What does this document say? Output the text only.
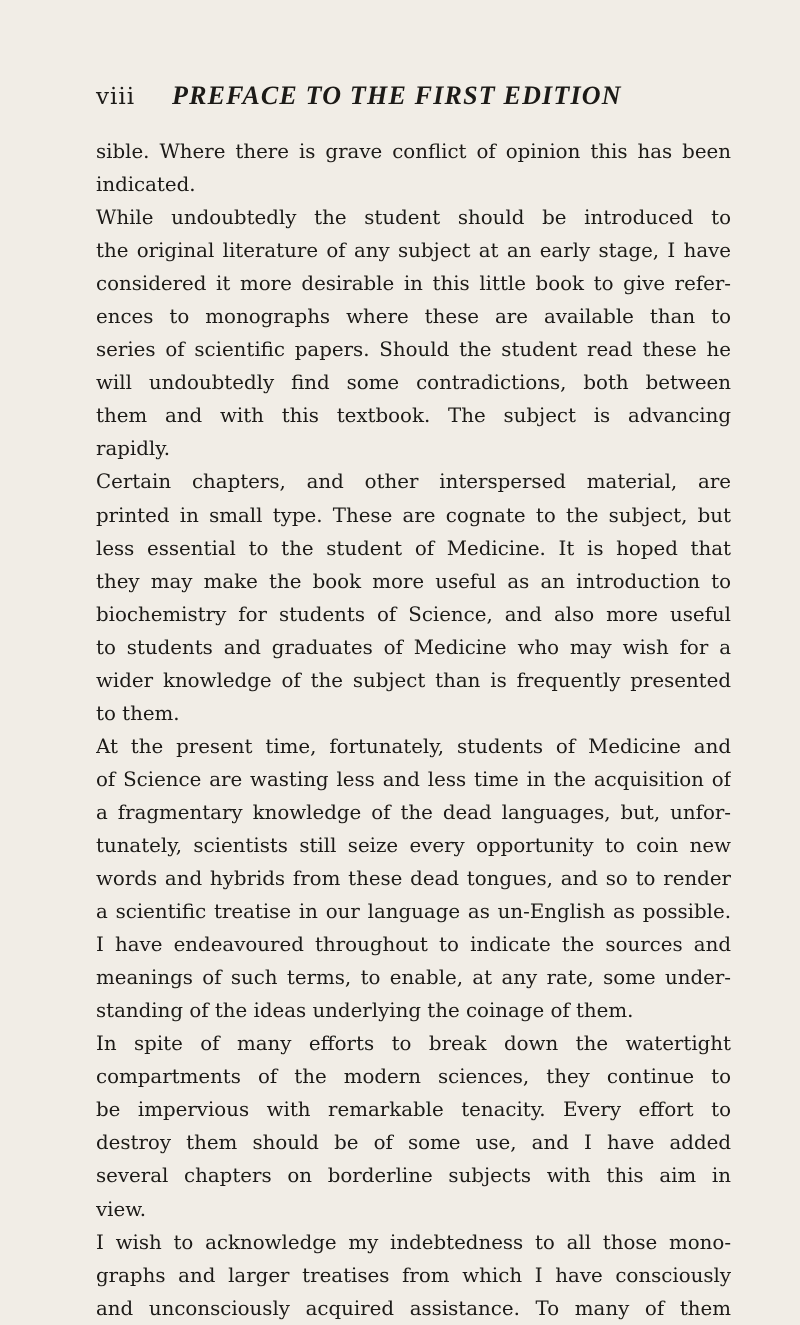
viii PREFACE TO THE FIRST EDITION
sible. Where there is grave conflict of opinion this has been
indicated.
While undoubtedly the student should be introduced to
the original literature of any subject at an early stage, I have
considered it more desirable in this little book to give refer-
ences to monographs where these are available than to
series of scientific papers. Should the student read these he
will undoubtedly find some contradictions, both between
them and with this textbook. The subject is advancing
rapidly.
Certain chapters, and other interspersed material, are
printed in small type. These are cognate to the subject, but
less essential to the student of Medicine. It is hoped that
they may make the book more useful as an introduction to
biochemistry for students of Science, and also more useful
to students and graduates of Medicine who may wish for a
wider knowledge of the subject than is frequently presented
to them.
At the present time, fortunately, students of Medicine and
of Science are wasting less and less time in the acquisition of
a fragmentary knowledge of the dead languages, but, unfor-
tunately, scientists still seize every opportunity to coin new
words and hybrids from these dead tongues, and so to render
a scientific treatise in our language as un-English as possible.
I have endeavoured throughout to indicate the sources and
meanings of such terms, to enable, at any rate, some under-
standing of the ideas underlying the coinage of them.
In spite of many efforts to break down the watertight
compartments of the modern sciences, they continue to
be impervious with remarkable tenacity. Every effort to
destroy them should be of some use, and I have added
several chapters on borderline subjects with this aim in
view.
I wish to acknowledge my indebtedness to all those mono-
graphs and larger treatises from which I have consciously
and unconsciously acquired assistance. To many of them
